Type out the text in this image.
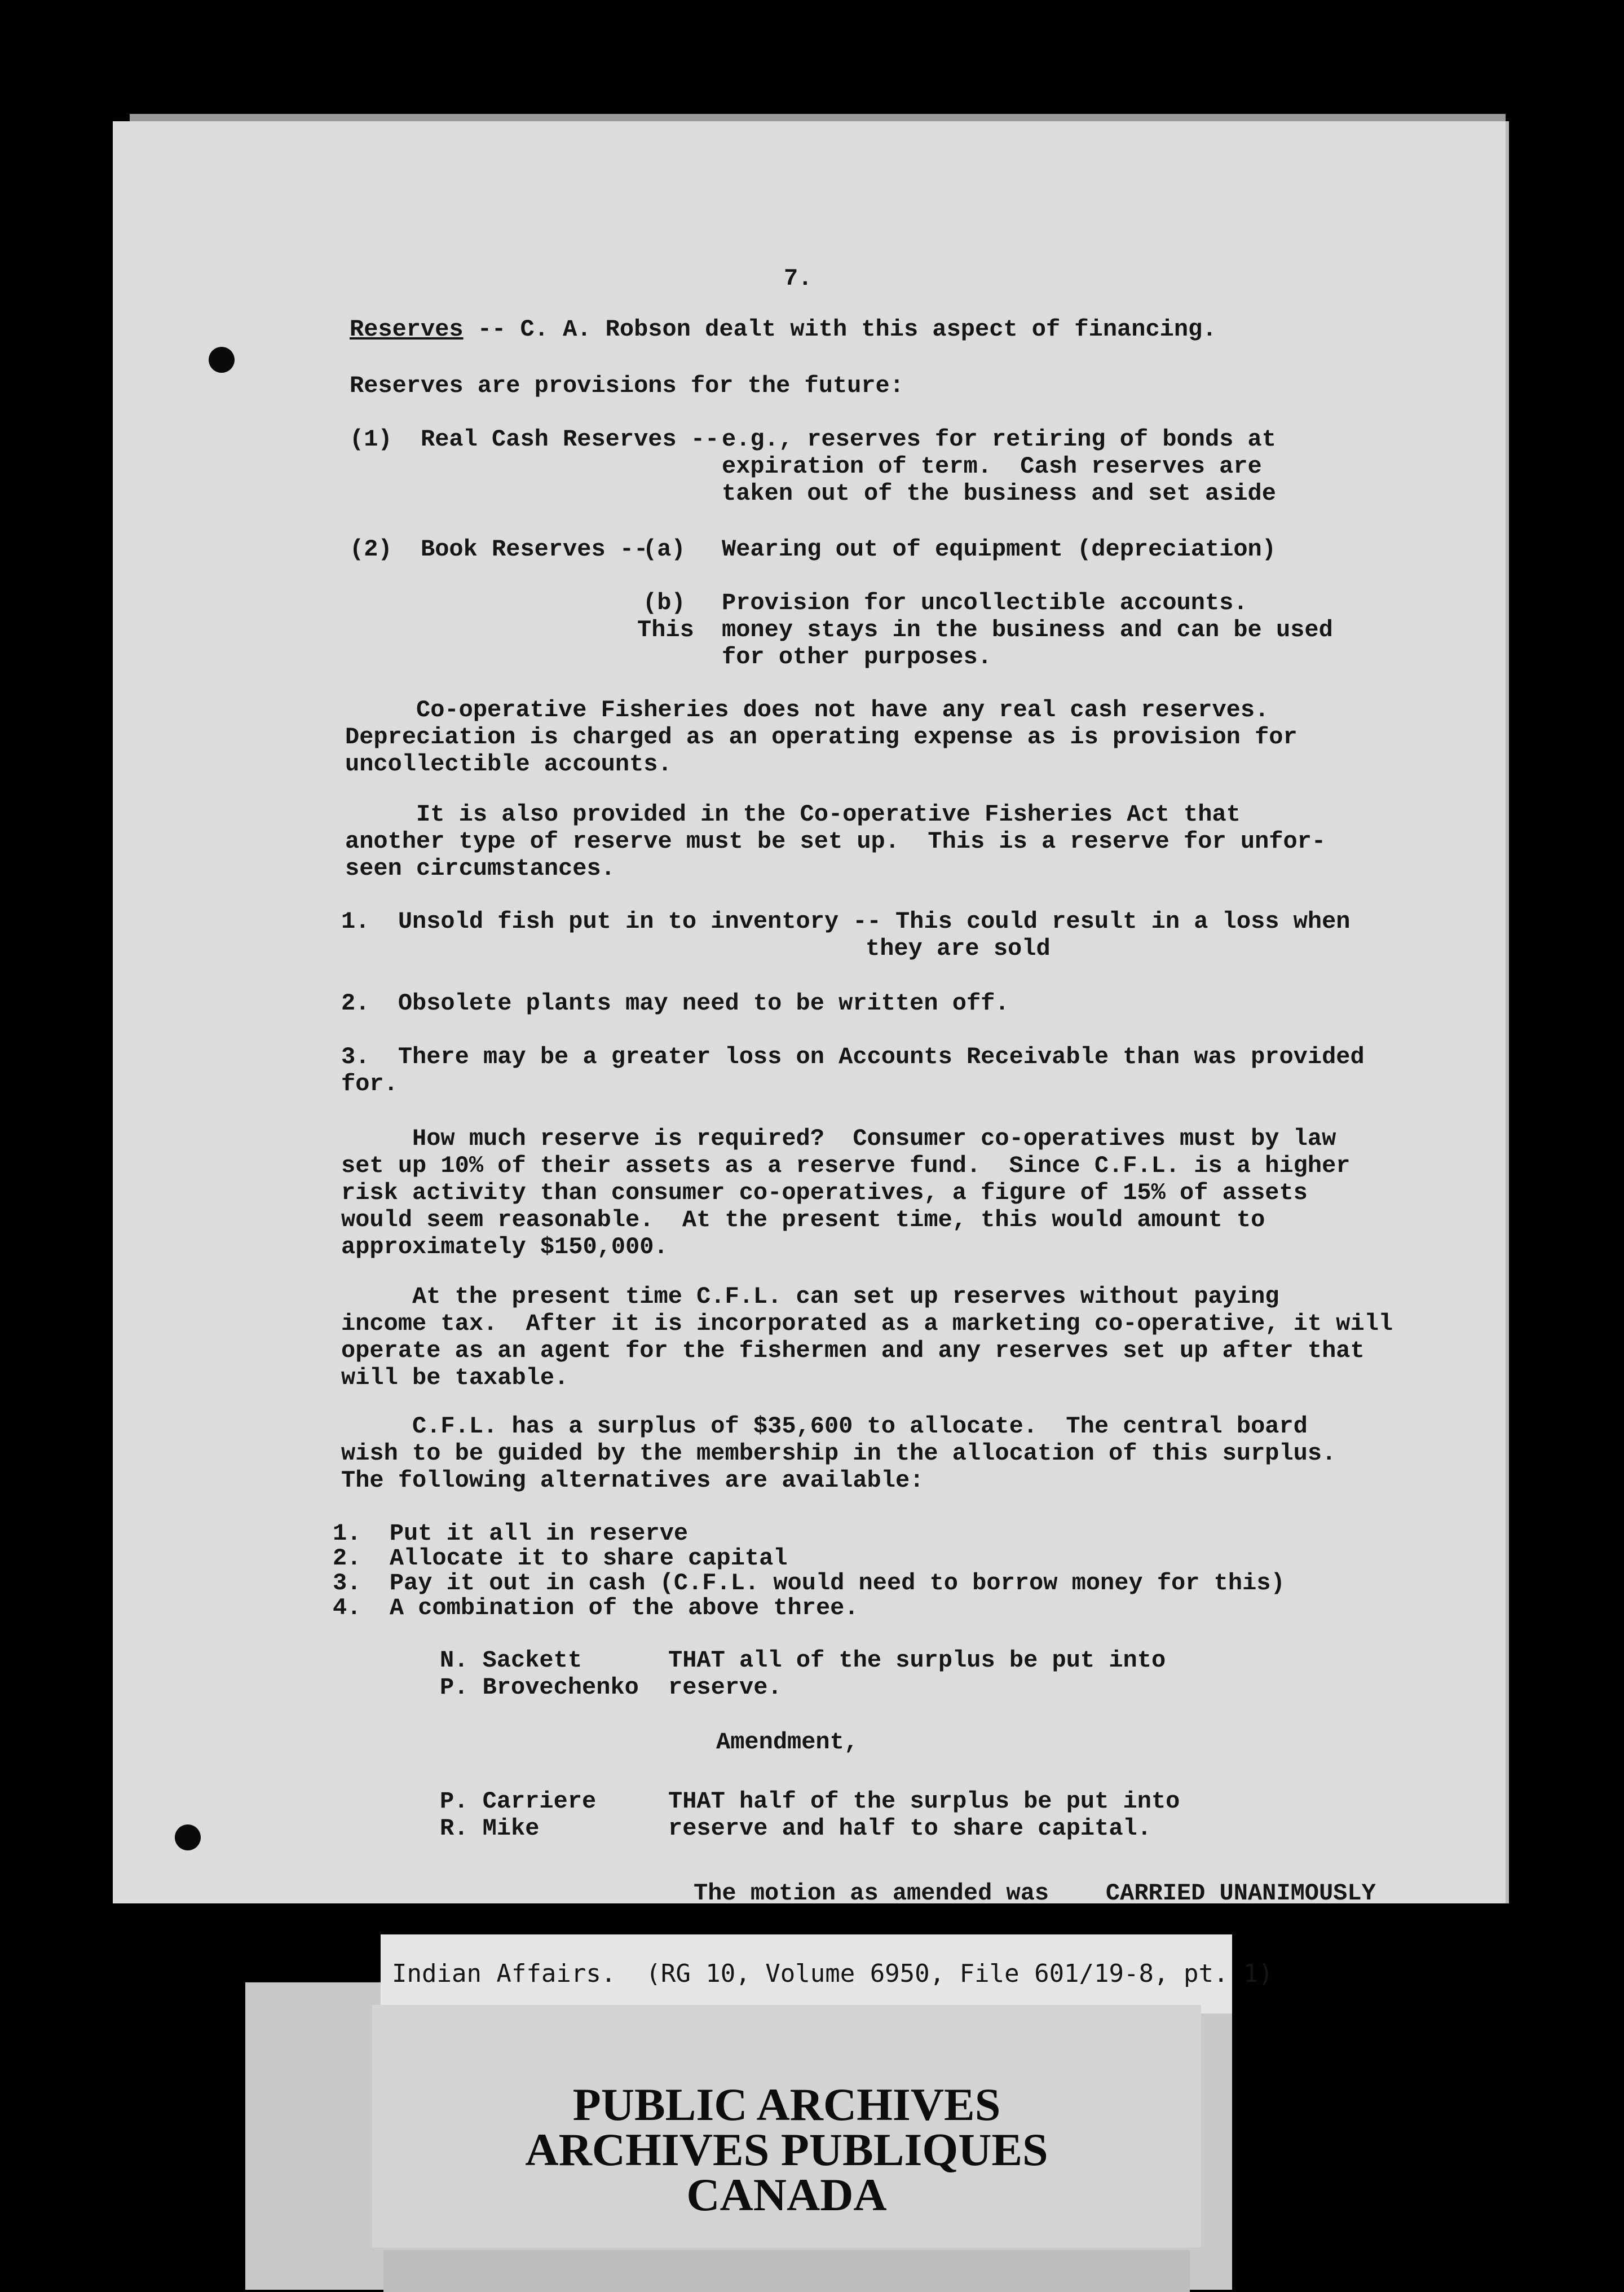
7.
Reserves -- C. A. Robson dealt with this aspect of financing.
Reserves are provisions for the future:
(1)  Real Cash Reserves -- e.g., reserves for retiring of bonds at
expiration of term.  Cash reserves are
taken out of the business and set aside
(2)  Book Reserves --
(a) Wearing out of equipment (depreciation)
(b)
This
Provision for uncollectible accounts.
money stays in the business and can be used
for other purposes.
Co-operative Fisheries does not have any real cash reserves.
Depreciation is charged as an operating expense as is provision for
uncollectible accounts.
It is also provided in the Co-operative Fisheries Act that
another type of reserve must be set up.  This is a reserve for unfor-
seen circumstances.
1.  Unsold fish put in to inventory -- This could result in a loss when
they are sold
2.  Obsolete plants may need to be written off.
3.  There may be a greater loss on Accounts Receivable than was provided
for.
How much reserve is required?  Consumer co-operatives must by law
set up 10% of their assets as a reserve fund.  Since C.F.L. is a higher
risk activity than consumer co-operatives, a figure of 15% of assets
would seem reasonable.  At the present time, this would amount to
approximately $150,000.
At the present time C.F.L. can set up reserves without paying
income tax.  After it is incorporated as a marketing co-operative, it will
operate as an agent for the fishermen and any reserves set up after that
will be taxable.
C.F.L. has a surplus of $35,600 to allocate.  The central board
wish to be guided by the membership in the allocation of this surplus.
The following alternatives are available:
1.  Put it all in reserve
2.  Allocate it to share capital
3.  Pay it out in cash (C.F.L. would need to borrow money for this)
4.  A combination of the above three.
N. Sackett
P. Brovechenko
THAT all of the surplus be put into
reserve.
Amendment,
P. Carriere
R. Mike
THAT half of the surplus be put into
reserve and half to share capital.
The motion as amended was    CARRIED UNANIMOUSLY
Indian Affairs.  (RG 10, Volume 6950, File 601/19-8, pt. 1)
PUBLIC ARCHIVES
ARCHIVES PUBLIQUES
CANADA
